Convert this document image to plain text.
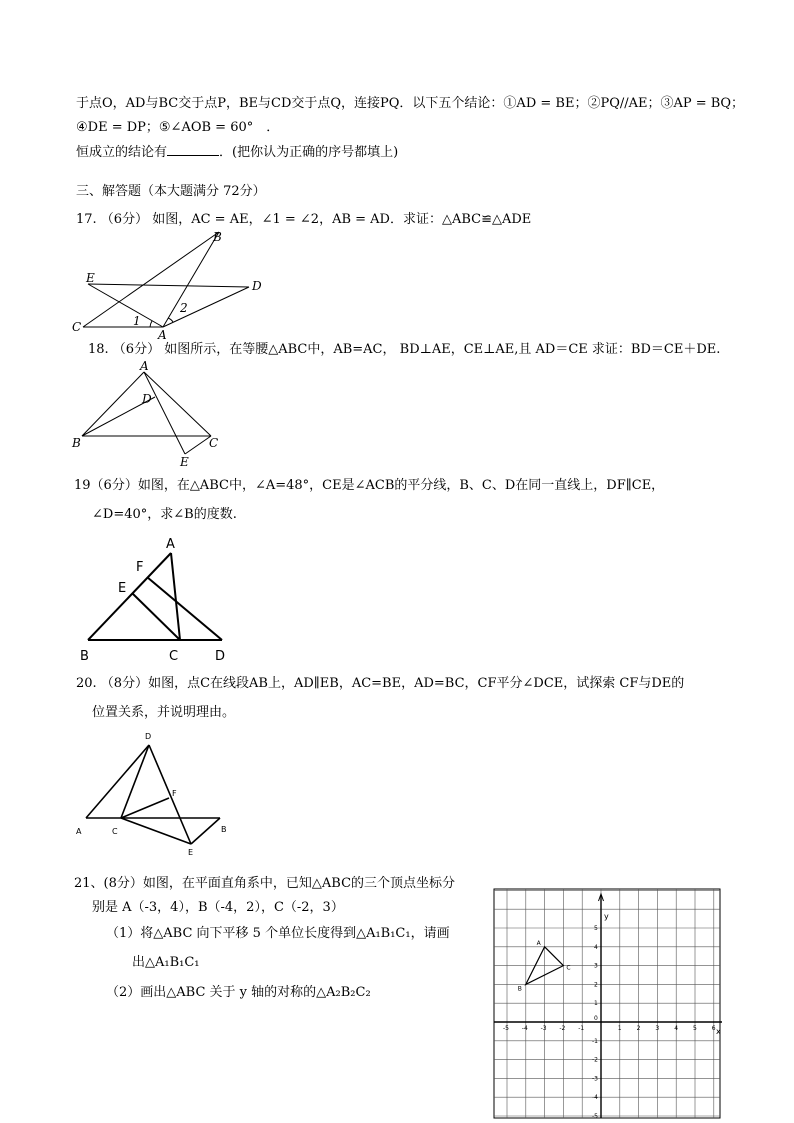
于点O，AD与BC交于点P，BE与CD交于点Q，连接PQ．以下五个结论：①AD = BE；②PQ//AE；③AP = BQ；
④DE = DP；⑤∠AOB = 60°　．
恒成立的结论有	．(把你认为正确的序号都填上)
三、解答题（本大题满分 72分）
17. （6分） 如图，AC = AE，∠1 = ∠2，AB = AD．求证：△ABC≌△ADE
B
E
D
C
A
1
2
18. （6分） 如图所示，在等腰△ABC中，AB=AC， BD⊥AE，CE⊥AE,且 AD＝CE 求证：BD＝CE＋DE.
A
D
B	C
E
19（6分）如图，在△ABC中，∠A=48°，CE是∠ACB的平分线，B、C、D在同一直线上，DF∥CE，
∠D=40°，求∠B的度数.
A
F
E
B	C	D
20. （8分）如图，点C在线段AB上，AD∥EB，AC=BE，AD=BC，CF平分∠DCE，试探索 CF与DE的
位置关系，并说明理由。
D
F
A	C	B
E
21、(8分）如图，在平面直角系中，已知△ABC的三个顶点坐标分
别是 A（-3，4），B（-4，2），C（-2，3）
（1）将△ABC 向下平移 5 个单位长度得到△A₁B₁C₁，请画
出△A₁B₁C₁
（2）画出△ABC 关于 y 轴的对称的△A₂B₂C₂
-5 -4 -3 -2 -1	1 2 3 4 5 6
5
4
3
2
1
-1
-2
-3
-4
-5
x
y
0
A
B
C
